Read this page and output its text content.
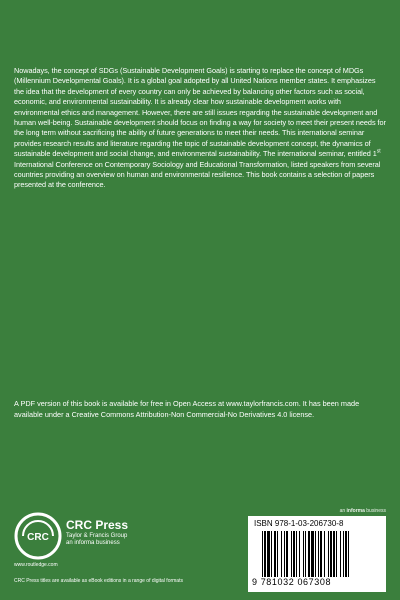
Nowadays, the concept of SDGs (Sustainable Development Goals) is starting to replace the concept of MDGs (Millennium Developmental Goals). It is a global goal adopted by all United Nations member states. It emphasizes the idea that the development of every country can only be achieved by balancing other factors such as social, economic, and environmental sustainability. It is already clear how sustainable development works with environmental ethics and management. However, there are still issues regarding the sustainable development and human well-being. Sustainable development should focus on finding a way for society to meet their present needs for the long term without sacrificing the ability of future generations to meet their needs. This international seminar provides research results and literature regarding the topic of sustainable development concept, the dynamics of sustainable development and social change, and environmental sustainability. The international seminar, entitled 1st International Conference on Contemporary Sociology and Educational Transformation, listed speakers from several countries providing an overview on human and environmental resilience. This book contains a selection of papers presented at the conference.
A PDF version of this book is available for free in Open Access at www.taylorfrancis.com. It has been made available under a Creative Commons Attribution-Non Commercial-No Derivatives 4.0 license.
an informa business
CRC
CRC Press
Taylor & Francis Group
an informa business
www.routledge.com
CRC Press titles are available as eBook editions in a range of digital formats
ISBN 978-1-03-206730-8
9 781032 067308
